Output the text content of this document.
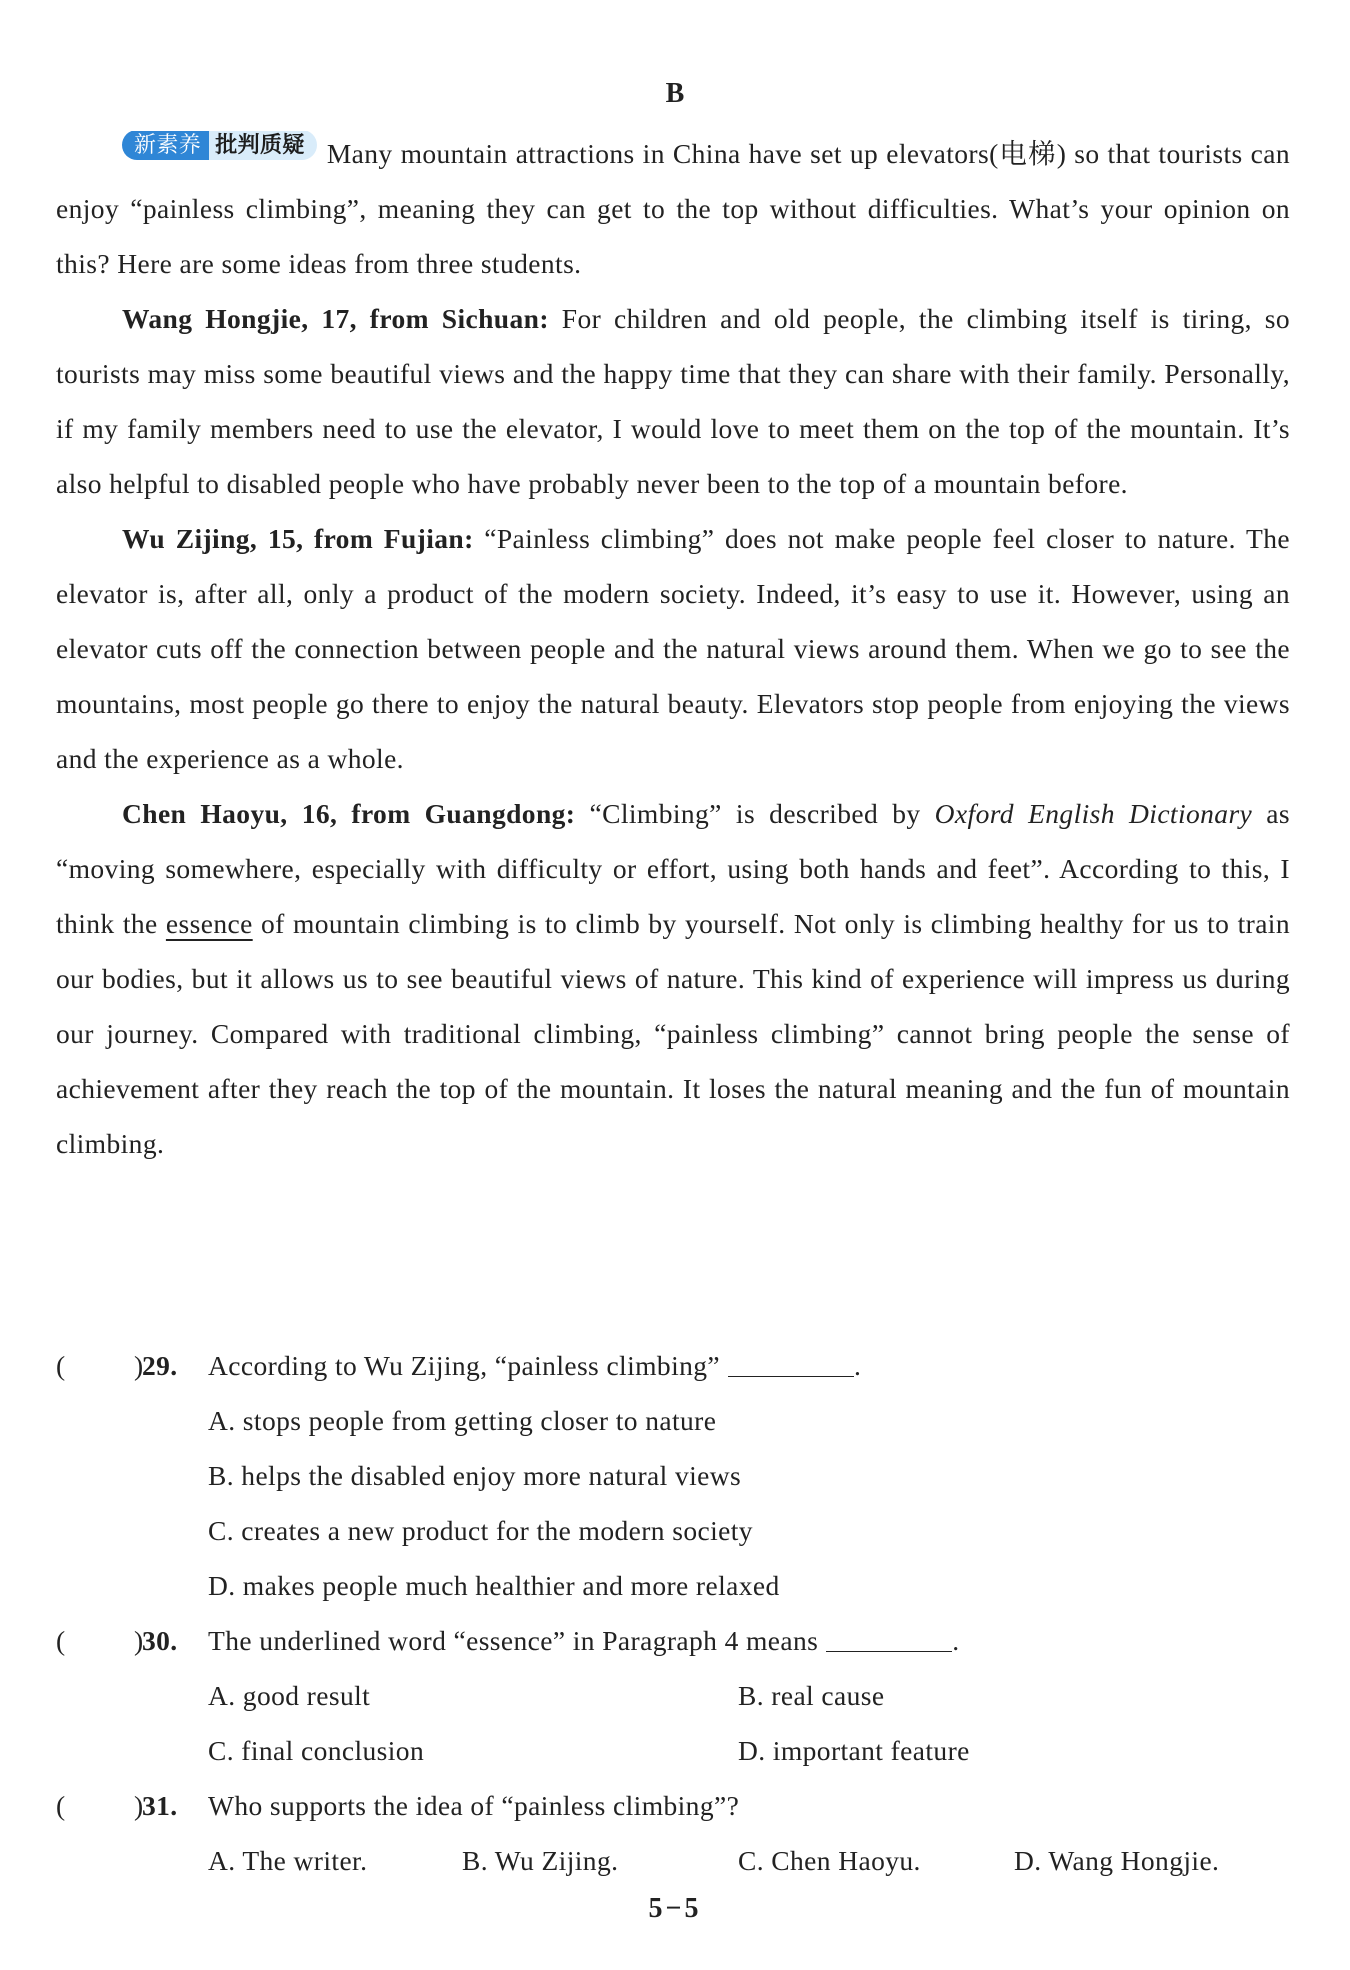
B

新素养 批判质疑 Many mountain attractions in China have set up elevators(电梯) so that tourists can enjoy “painless climbing”, meaning they can get to the top without difficulties. What’s your opinion on this? Here are some ideas from three students.

Wang Hongjie, 17, from Sichuan: For children and old people, the climbing itself is tiring, so tourists may miss some beautiful views and the happy time that they can share with their family. Personally, if my family members need to use the elevator, I would love to meet them on the top of the mountain. It’s also helpful to disabled people who have probably never been to the top of a mountain before.

Wu Zijing, 15, from Fujian: “Painless climbing” does not make people feel closer to nature. The elevator is, after all, only a product of the modern society. Indeed, it’s easy to use it. However, using an elevator cuts off the connection between people and the natural views around them. When we go to see the mountains, most people go there to enjoy the natural beauty. Elevators stop people from enjoying the views and the experience as a whole.

Chen Haoyu, 16, from Guangdong: “Climbing” is described by Oxford English Dictionary as “moving somewhere, especially with difficulty or effort, using both hands and feet”. According to this, I think the essence of mountain climbing is to climb by yourself. Not only is climbing healthy for us to train our bodies, but it allows us to see beautiful views of nature. This kind of experience will impress us during our journey. Compared with traditional climbing, “painless climbing” cannot bring people the sense of achievement after they reach the top of the mountain. It loses the natural meaning and the fun of mountain climbing.

( )
29. According to Wu Zijing, “painless climbing”	.
A. stops people from getting closer to nature
B. helps the disabled enjoy more natural views
C. creates a new product for the modern society
D. makes people much healthier and more relaxed
( )
30. The underlined word “essence” in Paragraph 4 means	.
A. good result	B. real cause
C. final conclusion	D. important feature
( )
31. Who supports the idea of “painless climbing”?
A. The writer.	B. Wu Zijing.	C. Chen Haoyu.	D. Wang Hongjie.
5−5
